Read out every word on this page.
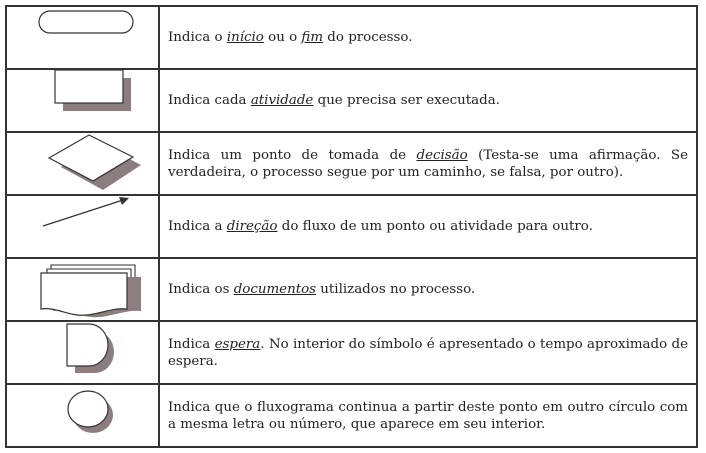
	Indica o início ou o fim do processo.

	Indica cada atividade que precisa ser executada.

	Indica um ponto de tomada de decisão (Testa-se uma afirmação. Se verdadeira, o processo segue por um caminho, se falsa, por outro).

	Indica a direção do fluxo de um ponto ou atividade para outro.

	Indica os documentos utilizados no processo.

	Indica espera. No interior do símbolo é apresentado o tempo aproximado de espera.

	Indica que o fluxograma continua a partir deste ponto em outro círculo com a mesma letra ou número, que aparece em seu interior.
